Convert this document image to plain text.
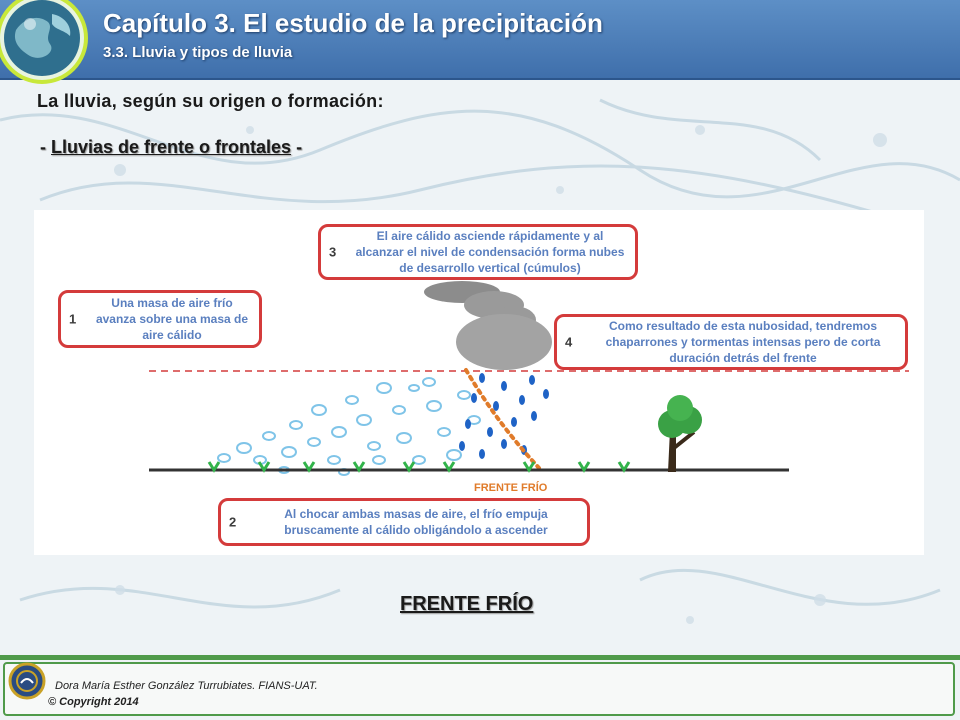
Capítulo 3. El estudio de la precipitación
3.3. Lluvia y tipos de lluvia
La lluvia, según su origen o formación:
- Lluvias de frente o frontales -
3
El aire cálido asciende rápidamente y al alcanzar el nivel de condensación forma nubes de desarrollo vertical (cúmulos)
1
Una masa de aire frío avanza sobre una masa de aire cálido	4
Como resultado de esta nubosidad, tendremos chaparrones y tormentas intensas pero de corta duración detrás del frente
2
Al chocar ambas masas de aire, el frío empuja bruscamente al cálido obligándolo a ascender
FRENTE FRÍO
FRENTE FRÍO
Dora María Esther González Turrubiates. FIANS-UAT.
© Copyright 2014
